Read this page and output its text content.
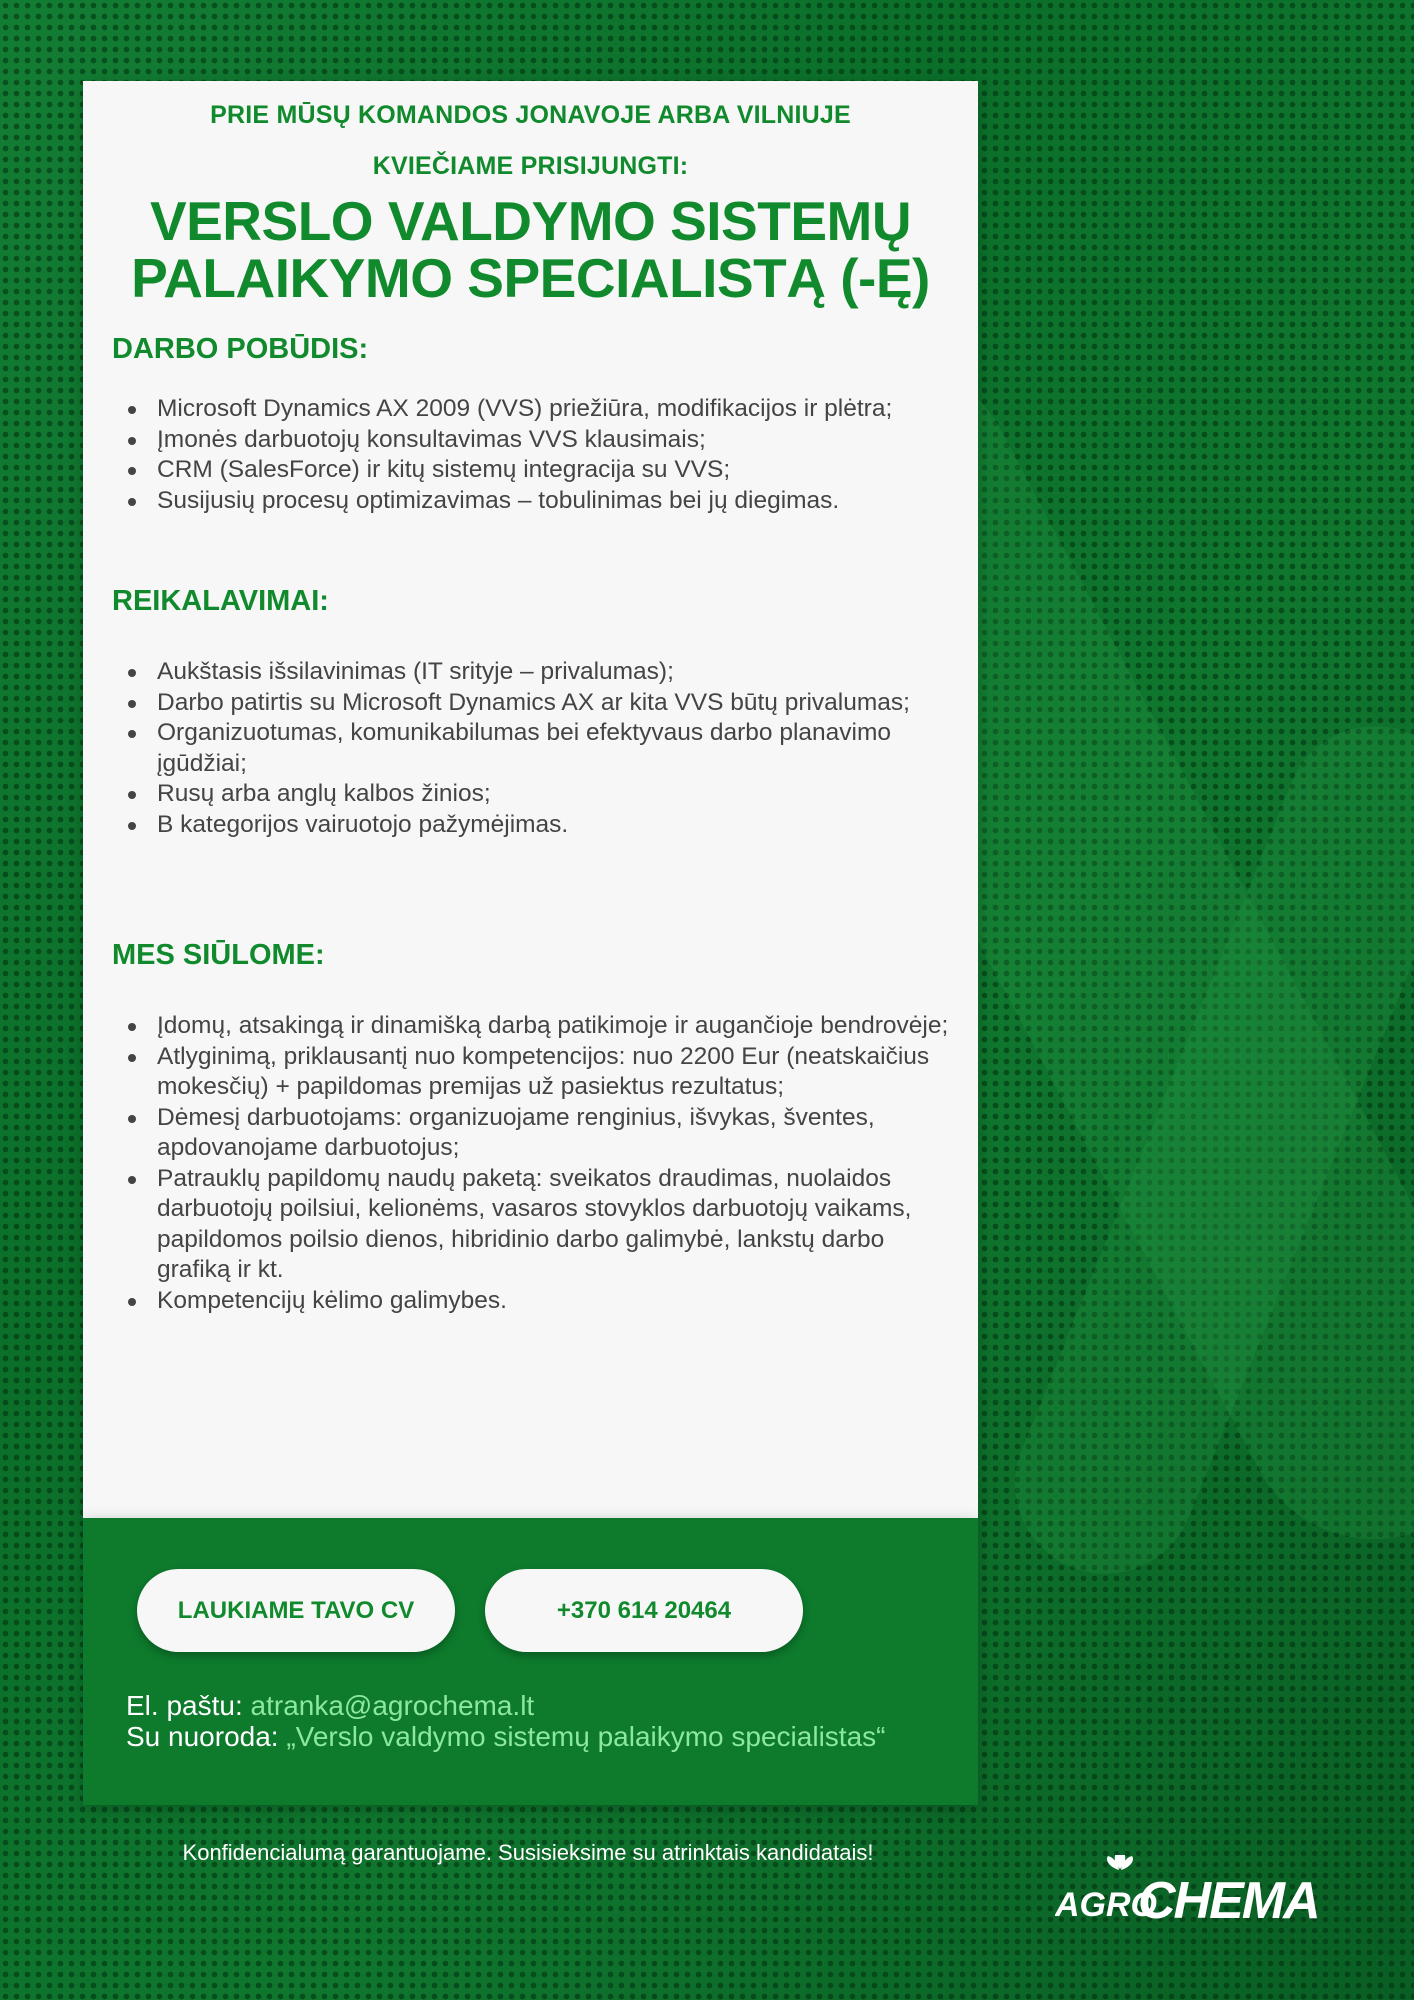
PRIE MŪSŲ KOMANDOS JONAVOJE ARBA VILNIUJE
KVIEČIAME PRISIJUNGTI:
VERSLO VALDYMO SISTEMŲ
PALAIKYMO SPECIALISTĄ (-Ę)
DARBO POBŪDIS:
Microsoft Dynamics AX 2009 (VVS) priežiūra, modifikacijos ir plėtra;
Įmonės darbuotojų konsultavimas VVS klausimais;
CRM (SalesForce) ir kitų sistemų integracija su VVS;
Susijusių procesų optimizavimas – tobulinimas bei jų diegimas.
REIKALAVIMAI:
Aukštasis išsilavinimas (IT srityje – privalumas);
Darbo patirtis su Microsoft Dynamics AX ar kita VVS būtų privalumas;
Organizuotumas, komunikabilumas bei efektyvaus darbo planavimo įgūdžiai;
Rusų arba anglų kalbos žinios;
B kategorijos vairuotojo pažymėjimas.
MES SIŪLOME:
Įdomų, atsakingą ir dinamišką darbą patikimoje ir augančioje bendrovėje;
Atlyginimą, priklausantį nuo kompetencijos: nuo 2200 Eur (neatskaičius mokesčių) + papildomas premijas už pasiektus rezultatus;
Dėmesį darbuotojams: organizuojame renginius, išvykas, šventes, apdovanojame darbuotojus;
Patrauklų papildomų naudų paketą: sveikatos draudimas, nuolaidos darbuotojų poilsiui, kelionėms, vasaros stovyklos darbuotojų vaikams, papildomos poilsio dienos, hibridinio darbo galimybė, lankstų darbo grafiką ir kt.
Kompetencijų kėlimo galimybes.
LAUKIAME TAVO CV	+370 614 20464
El. paštu: atranka@agrochema.lt
Su nuoroda: „Verslo valdymo sistemų palaikymo specialistas“
Konfidencialumą garantuojame. Susisieksime su atrinktais kandidatais!
AGRO
CHEMA
